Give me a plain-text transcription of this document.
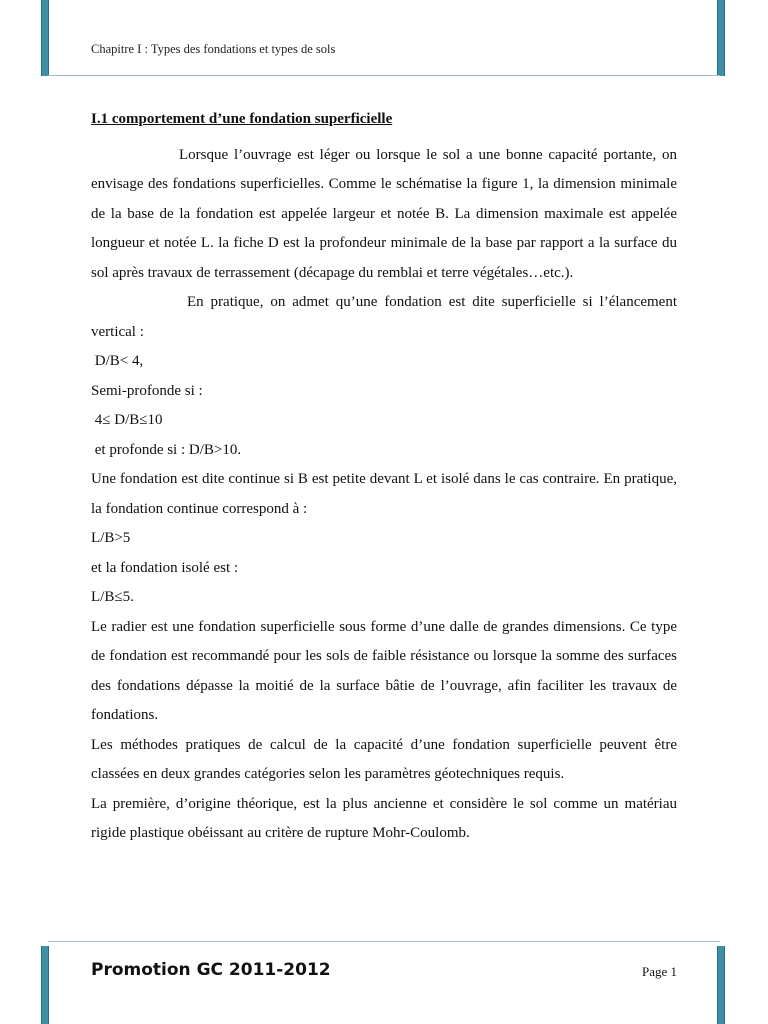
Chapitre I : Types des fondations et types de sols
I.1 comportement d’une fondation superficielle

Lorsque l’ouvrage est léger ou lorsque le sol a une bonne capacité portante, on envisage des fondations superficielles. Comme le schématise la figure 1, la dimension minimale de la base de la fondation est appelée largeur et notée B. La dimension maximale est appelée longueur et notée L. la fiche D est la profondeur minimale de la base par rapport a la surface du sol après travaux de terrassement (décapage du remblai et terre végétales…etc.).

En pratique, on admet qu’une fondation est dite superficielle si l’élancement vertical :

D/B< 4,

Semi-profonde si :

4≤ D/B≤10

et profonde si : D/B>10.

Une fondation est dite continue si B est petite devant L et isolé dans le cas contraire. En pratique, la fondation continue correspond à :

L/B>5

et la fondation isolé est :

L/B≤5.

Le radier est une fondation superficielle sous forme d’une dalle de grandes dimensions. Ce type de fondation est recommandé pour les sols de faible résistance ou lorsque la somme des surfaces des fondations dépasse la moitié de la surface bâtie de l’ouvrage, afin faciliter les travaux de fondations.

Les méthodes pratiques de calcul de la capacité d’une fondation superficielle peuvent être classées en deux grandes catégories selon les paramètres géotechniques requis.

La première, d’origine théorique, est la plus ancienne et considère le sol comme un matériau rigide plastique obéissant au critère de rupture Mohr-Coulomb.

Promotion GC 2011-2012	Page 1
